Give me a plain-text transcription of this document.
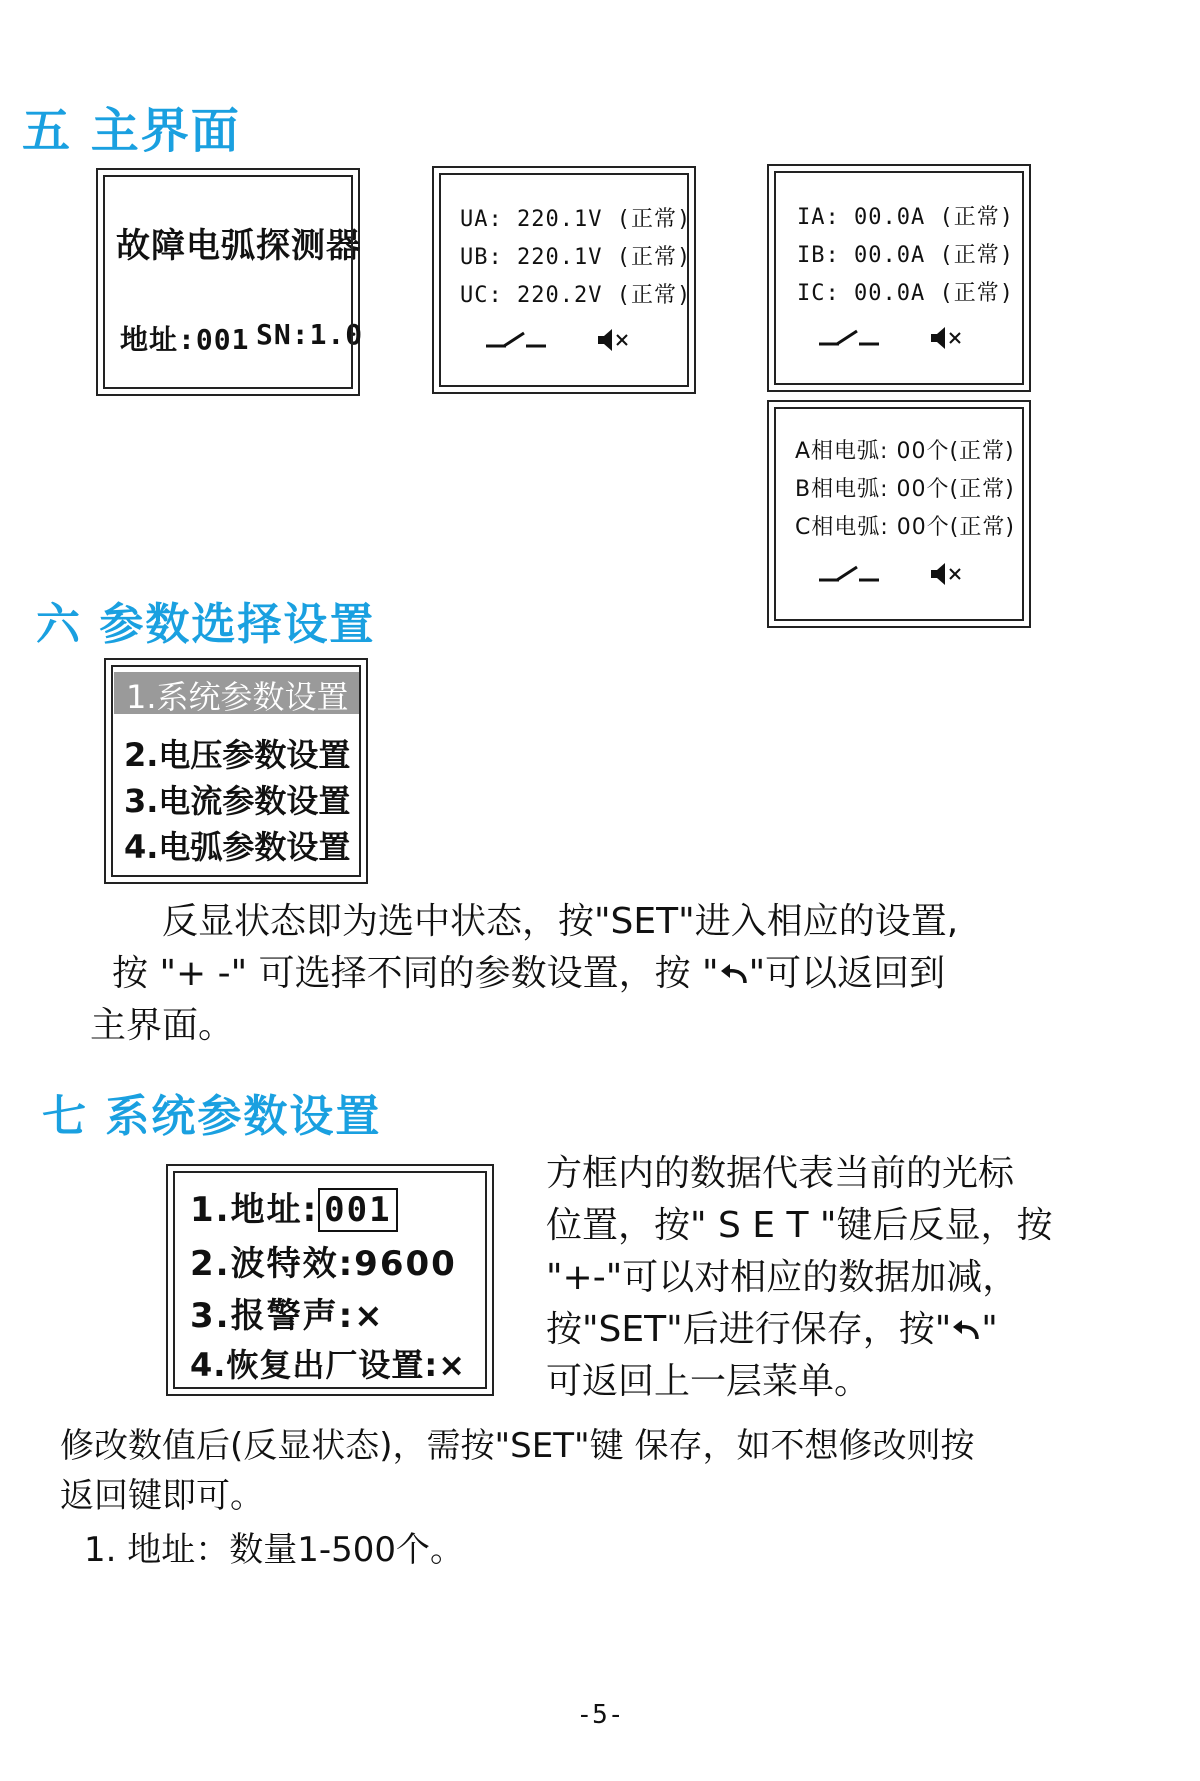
五 主界面
故障电弧探测器
地址:001 SN:1.0
UA: 220.1V (正常)
UB: 220.1V (正常)
UC: 220.2V (正常)
IA: 00.0A (正常)
IB: 00.0A (正常)
IC: 00.0A (正常)
A相电弧: 00个(正常)
B相电弧: 00个(正常)
C相电弧: 00个(正常)
六 参数选择设置
1.系统参数设置
2.电压参数设置
3.电流参数设置
4.电弧参数设置
反显状态即为选中状态，按"SET"进入相应的设置,
按 "+ -" 可选择不同的参数设置，按 " "可以返回到
主界面。
七 系统参数设置
1.地址: 001
2.波特效:9600
3.报警声:×
4.恢复出厂设置:×
方框内的数据代表当前的光标
位置，按" S E T "键后反显，按
"+-"可以对相应的数据加减，
按"SET"后进行保存，按" "
可返回上一层菜单。
修改数值后(反显状态)，需按"SET"键 保存，如不想修改则按
返回键即可。
1. 地址：数量1-500个。
-5-
